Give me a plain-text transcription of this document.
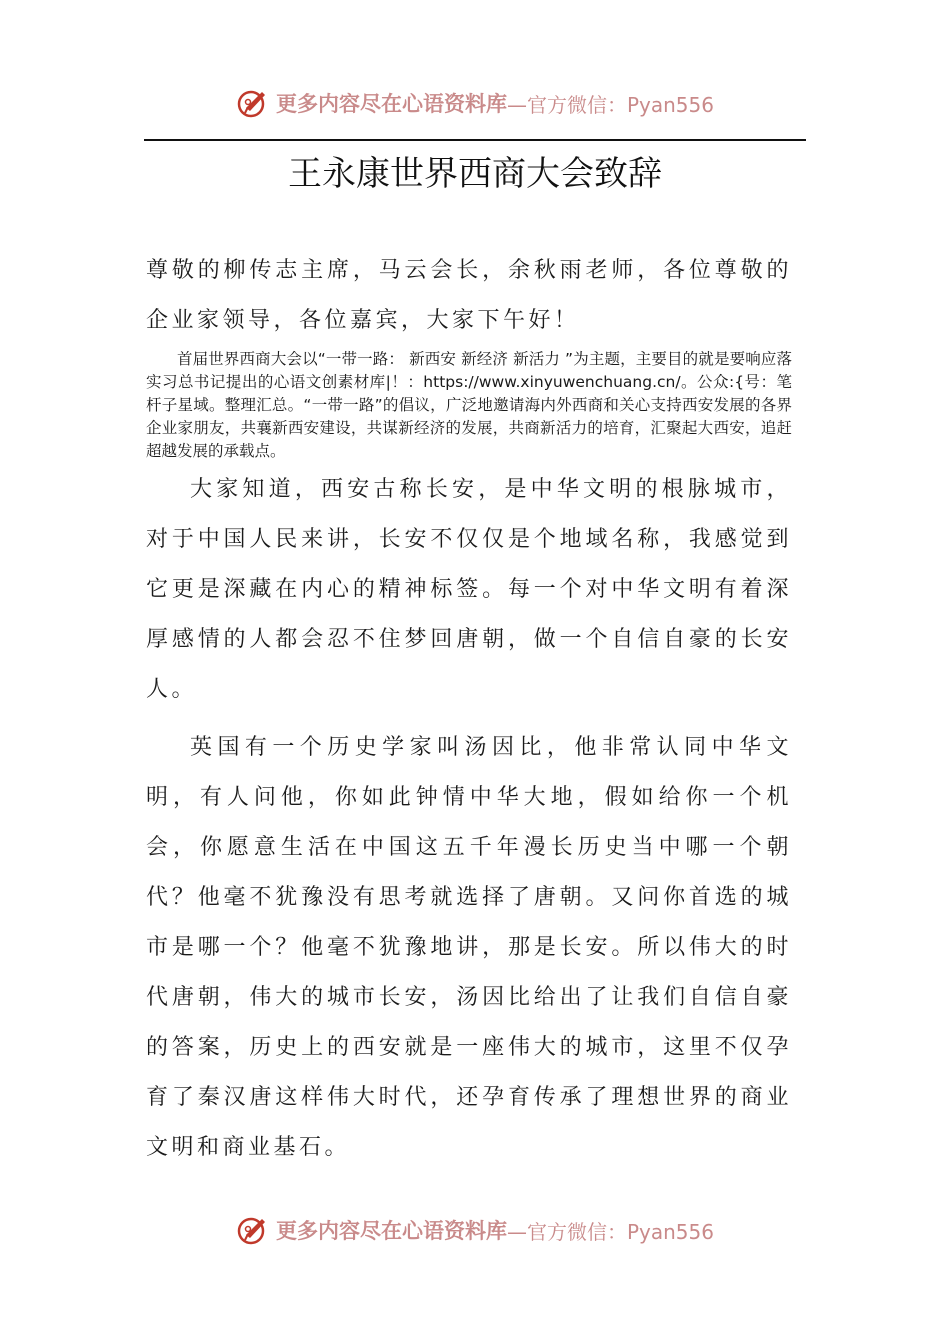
更多内容尽在心语资料库 —官方微信：Pyan556
王永康世界西商大会致辞

尊敬的柳传志主席，马云会长，余秋雨老师，各位尊敬的企业家领导，各位嘉宾，大家下午好！

首届世界西商大会以“一带一路： 新西安 新经济 新活力 ”为主题，主要目的就是要响应落实习总书记提出的心语文创素材库|！：https://www.xinyuwenchuang.cn/。公众:{号：笔杆子星域。整理汇总。“一带一路”的倡议，广泛地邀请海内外西商和关心支持西安发展的各界企业家朋友，共襄新西安建设，共谋新经济的发展，共商新活力的培育，汇聚起大西安，追赶超越发展的承载点。

大家知道，西安古称长安，是中华文明的根脉城市，对于中国人民来讲，长安不仅仅是个地域名称，我感觉到它更是深藏在内心的精神标签。每一个对中华文明有着深厚感情的人都会忍不住梦回唐朝，做一个自信自豪的长安人。

英国有一个历史学家叫汤因比，他非常认同中华文明，有人问他，你如此钟情中华大地，假如给你一个机会，你愿意生活在中国这五千年漫长历史当中哪一个朝代？他毫不犹豫没有思考就选择了唐朝。又问你首选的城市是哪一个？他毫不犹豫地讲，那是长安。所以伟大的时代唐朝，伟大的城市长安，汤因比给出了让我们自信自豪的答案，历史上的西安就是一座伟大的城市，这里不仅孕育了秦汉唐这样伟大时代，还孕育传承了理想世界的商业文明和商业基石。

更多内容尽在心语资料库 —官方微信：Pyan556
